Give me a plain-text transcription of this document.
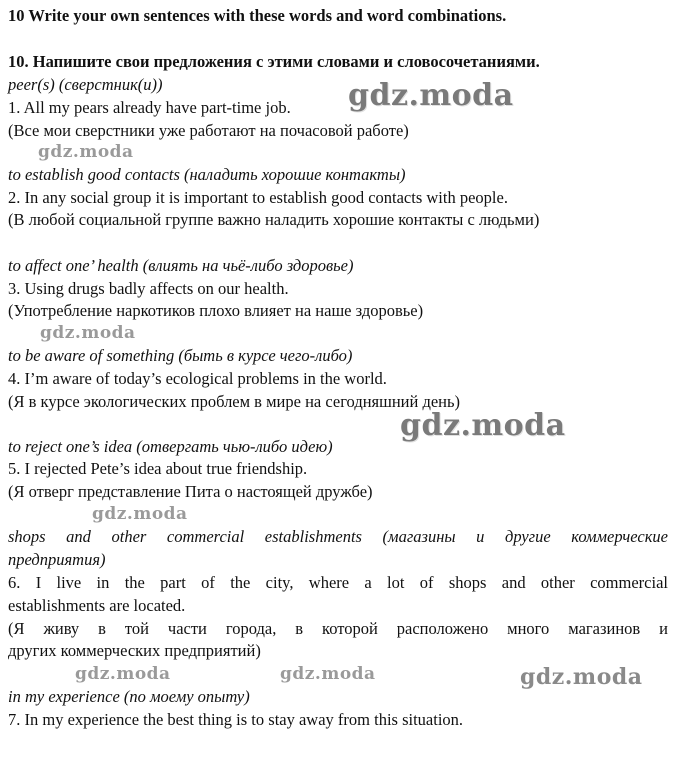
10 Write your own sentences with these words and word combinations.
10. Напишите свои предложения с этими словами и словосочетаниями.
peer(s) (сверстник(и))
1. All my pears already have part-time job.
(Все мои сверстники уже работают на почасовой работе)
to establish good contacts (наладить хорошие контакты)
2. In any social group it is important to establish good contacts with people.
(В любой социальной группе важно наладить хорошие контакты с людьми)
to affect one’ health (влиять на чьё-либо здоровье)
3. Using drugs badly affects on our health.
(Употребление наркотиков плохо влияет на наше здоровье)
to be aware of something (быть в курсе чего-либо)
4. I’m aware of today’s ecological problems in the world.
(Я в курсе экологических проблем в мире на сегодняшний день)
to reject one’s idea (отвергать чью-либо идею)
5. I rejected Pete’s idea about true friendship.
(Я отверг представление Пита о настоящей дружбе)
shops and other commercial establishments (магазины и другие коммерческие
предприятия)
6. I live in the part of the city, where a lot of shops and other commercial
establishments are located.
(Я живу в той части города, в которой расположено много магазинов и
других коммерческих предприятий)
in my experience (по моему опыту)
7. In my experience the best thing is to stay away from this situation.
gdz.moda
gdz.moda
gdz.moda
gdz.moda
gdz.moda
gdz.moda	gdz.moda	gdz.moda
